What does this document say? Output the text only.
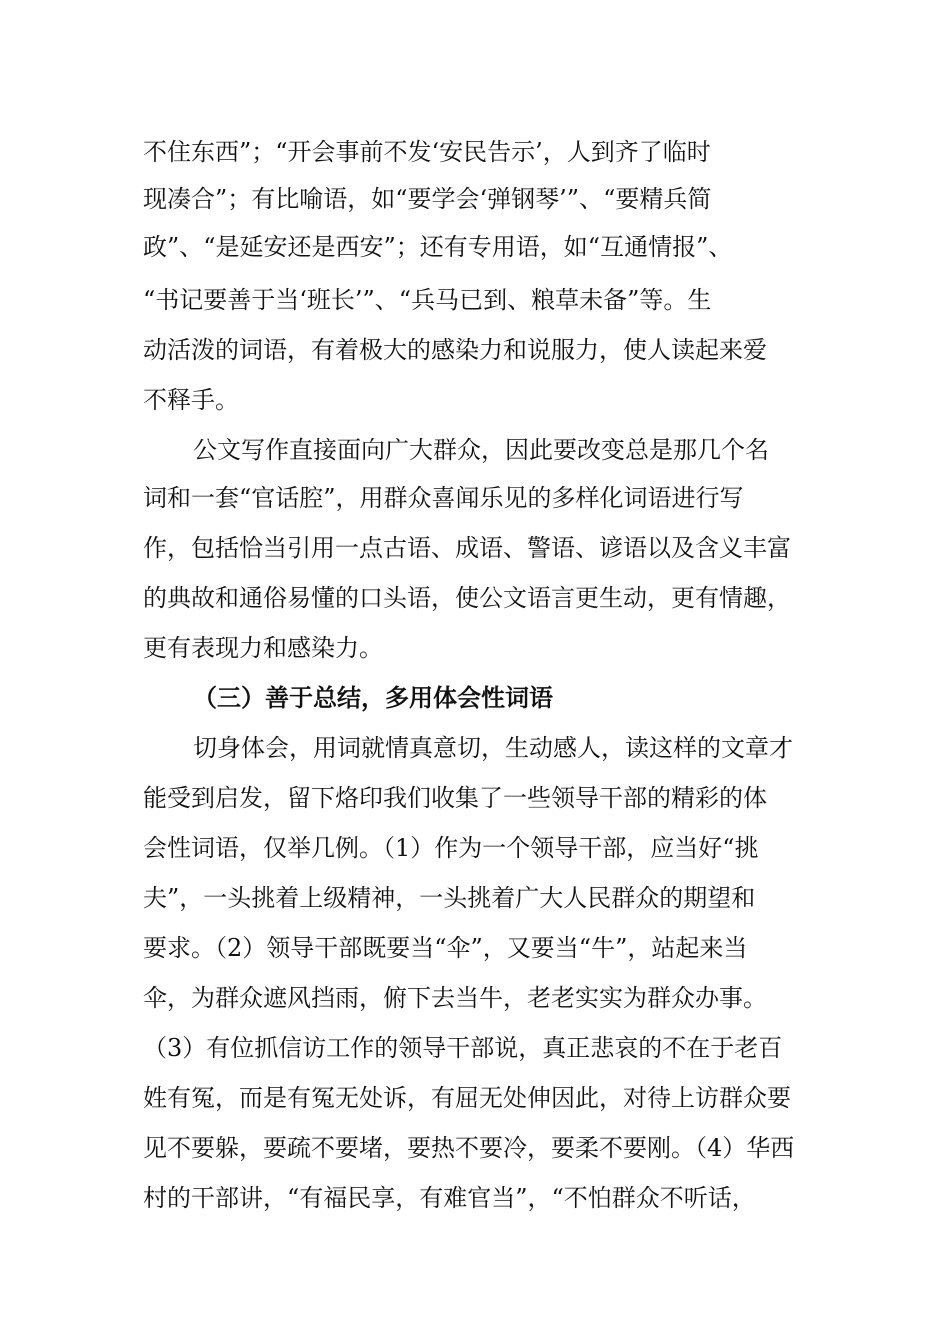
不住东西”；“开会事前不发‘安民告示’，人到齐了临时
现凑合”；有比喻语，如“要学会‘弹钢琴’”、“要精兵简
政”、“是延安还是西安”；还有专用语，如“互通情报”、
“书记要善于当‘班长’”、“兵马已到、粮草未备”等。生
动活泼的词语，有着极大的感染力和说服力，使人读起来爱
不释手。
公文写作直接面向广大群众，因此要改变总是那几个名
词和一套“官话腔”，用群众喜闻乐见的多样化词语进行写
作，包括恰当引用一点古语、成语、警语、谚语以及含义丰富
的典故和通俗易懂的口头语，使公文语言更生动，更有情趣，
更有表现力和感染力。
（三）善于总结，多用体会性词语
切身体会，用词就情真意切，生动感人，读这样的文章才
能受到启发，留下烙印我们收集了一些领导干部的精彩的体
会性词语，仅举几例。（1）作为一个领导干部，应当好“挑
夫”，一头挑着上级精神，一头挑着广大人民群众的期望和
要求。（2）领导干部既要当“伞”，又要当“牛”，站起来当
伞，为群众遮风挡雨，俯下去当牛，老老实实为群众办事。
（3）有位抓信访工作的领导干部说，真正悲哀的不在于老百
姓有冤，而是有冤无处诉，有屈无处伸因此，对待上访群众要
见不要躲，要疏不要堵，要热不要冷，要柔不要刚。（4）华西
村的干部讲，“有福民享，有难官当”，“不怕群众不听话，
